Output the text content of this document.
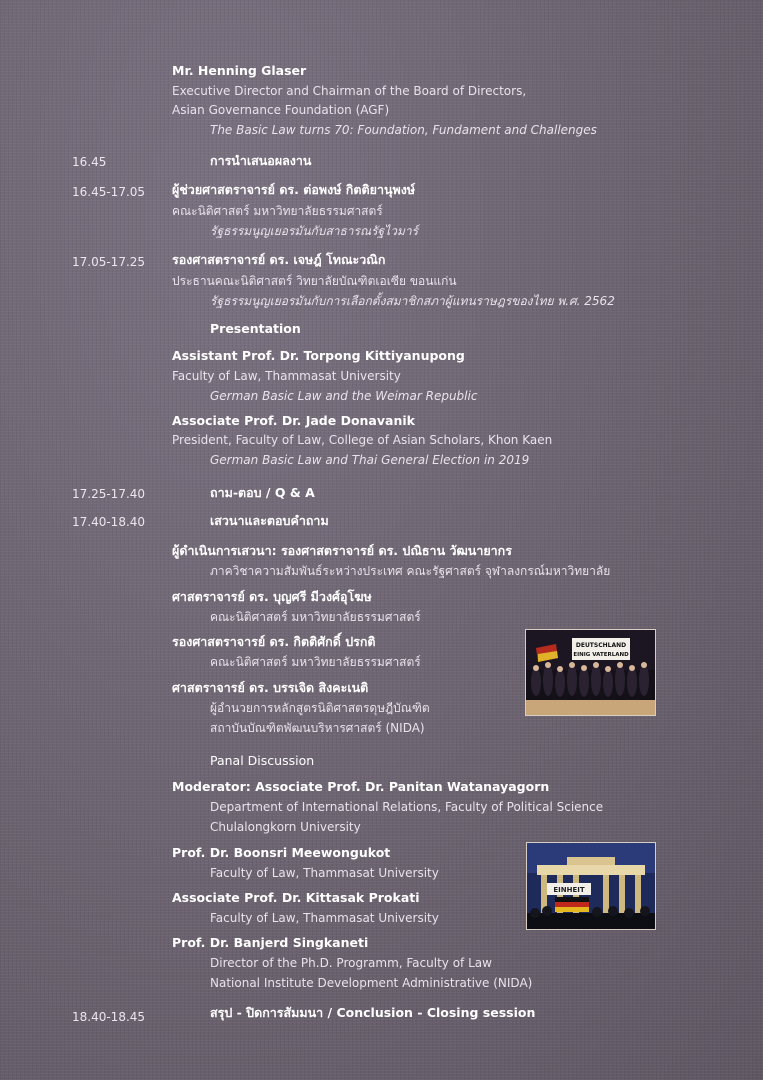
Mr. Henning Glaser
Executive Director and Chairman of the Board of Directors,
Asian Governance Foundation (AGF)
The Basic Law turns 70: Foundation, Fundament and Challenges
16.45	การนำเสนอผลงาน
16.45-17.05 ผู้ช่วยศาสตราจารย์ ดร. ต่อพงษ์ กิตติยานุพงษ์
คณะนิติศาสตร์ มหาวิทยาลัยธรรมศาสตร์
รัฐธรรมนูญเยอรมันกับสาธารณรัฐไวมาร์
17.05-17.25 รองศาสตราจารย์ ดร. เจษฎ์ โทณะวณิก
ประธานคณะนิติศาสตร์ วิทยาลัยบัณฑิตเอเซีย ขอนแก่น
รัฐธรรมนูญเยอรมันกับการเลือกตั้งสมาชิกสภาผู้แทนราษฎรของไทย พ.ศ. 2562
Presentation
Assistant Prof. Dr. Torpong Kittiyanupong
Faculty of Law, Thammasat University
German Basic Law and the Weimar Republic
Associate Prof. Dr. Jade Donavanik
President, Faculty of Law, College of Asian Scholars, Khon Kaen
German Basic Law and Thai General Election in 2019
17.25-17.40	ถาม-ตอบ / Q & A
17.40-18.40	เสวนาและตอบคำถาม
ผู้ดำเนินการเสวนา: รองศาสตราจารย์ ดร. ปณิธาน วัฒนายากร
ภาควิชาความสัมพันธ์ระหว่างประเทศ คณะรัฐศาสตร์ จุฬาลงกรณ์มหาวิทยาลัย
ศาสตราจารย์ ดร. บุญศรี มีวงศ์อุโฆษ
คณะนิติศาสตร์ มหาวิทยาลัยธรรมศาสตร์
รองศาสตราจารย์ ดร. กิตติศักดิ์ ปรกติ
คณะนิติศาสตร์ มหาวิทยาลัยธรรมศาสตร์
ศาสตราจารย์ ดร. บรรเจิด สิงคะเนติ
ผู้อำนวยการหลักสูตรนิติศาสตรดุษฎีบัณฑิต
สถาบันบัณฑิตพัฒนบริหารศาสตร์ (NIDA)
DEUTSCHLAND
EINIG VATERLAND
Panal Discussion
Moderator: Associate Prof. Dr. Panitan Watanayagorn
Department of International Relations, Faculty of Political Science
Chulalongkorn University
Prof. Dr. Boonsri Meewongukot
Faculty of Law, Thammasat University
Associate Prof. Dr. Kittasak Prokati
Faculty of Law, Thammasat University
Prof. Dr. Banjerd Singkaneti
Director of the Ph.D. Programm, Faculty of Law
National Institute Development Administrative (NIDA)
EINHEIT
18.40-18.45	สรุป - ปิดการสัมมนา / Conclusion - Closing session
